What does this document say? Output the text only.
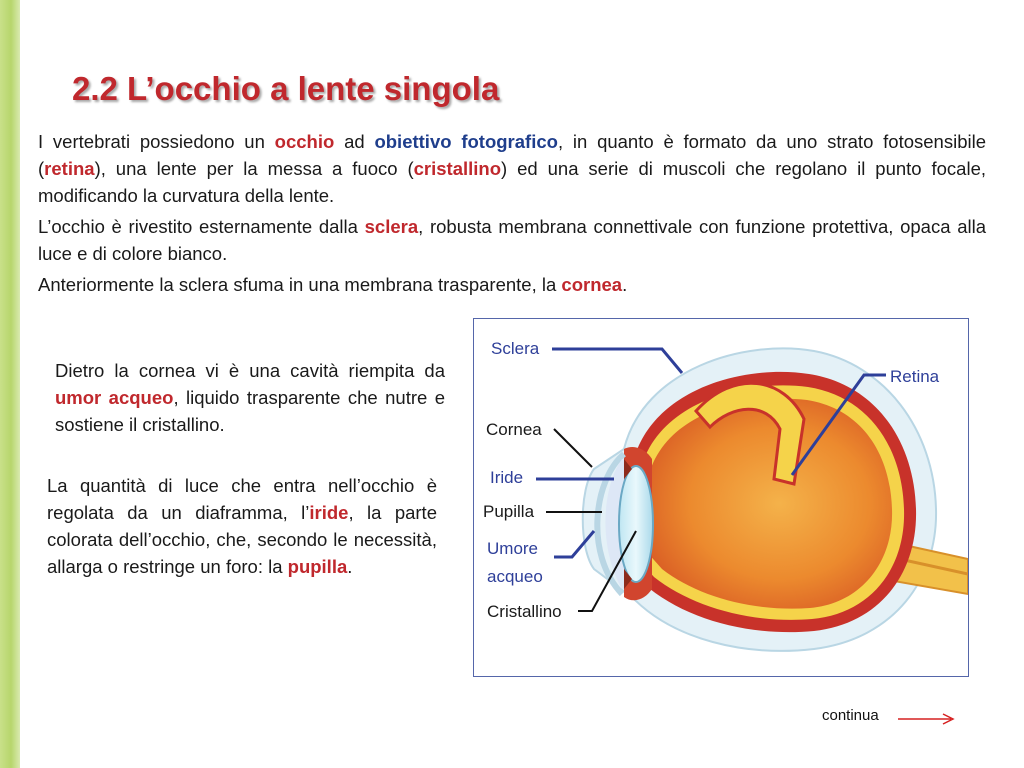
2.2 L’occhio a lente singola

I vertebrati possiedono un occhio ad obiettivo fotografico, in quanto è formato da uno strato fotosensibile (retina), una lente per la messa a fuoco (cristallino) ed una serie di muscoli che regolano il punto focale, modificando la curvatura della lente.

L’occhio è rivestito esternamente dalla sclera, robusta membrana connettivale con funzione protettiva, opaca alla luce e di colore bianco.

Anteriormente la sclera sfuma in una membrana trasparente, la cornea.

Dietro la cornea vi è una cavità riempita da umor acqueo, liquido trasparente che nutre e sostiene il cristallino.

La quantità di luce che entra nell’occhio è regolata da un diaframma, l’iride, la parte colorata dell’occhio, che, secondo le necessità, allarga o restringe un foro: la pupilla.

Sclera
Retina
Cornea
Iride
Pupilla
Umore
acqueo
Cristallino
continua
